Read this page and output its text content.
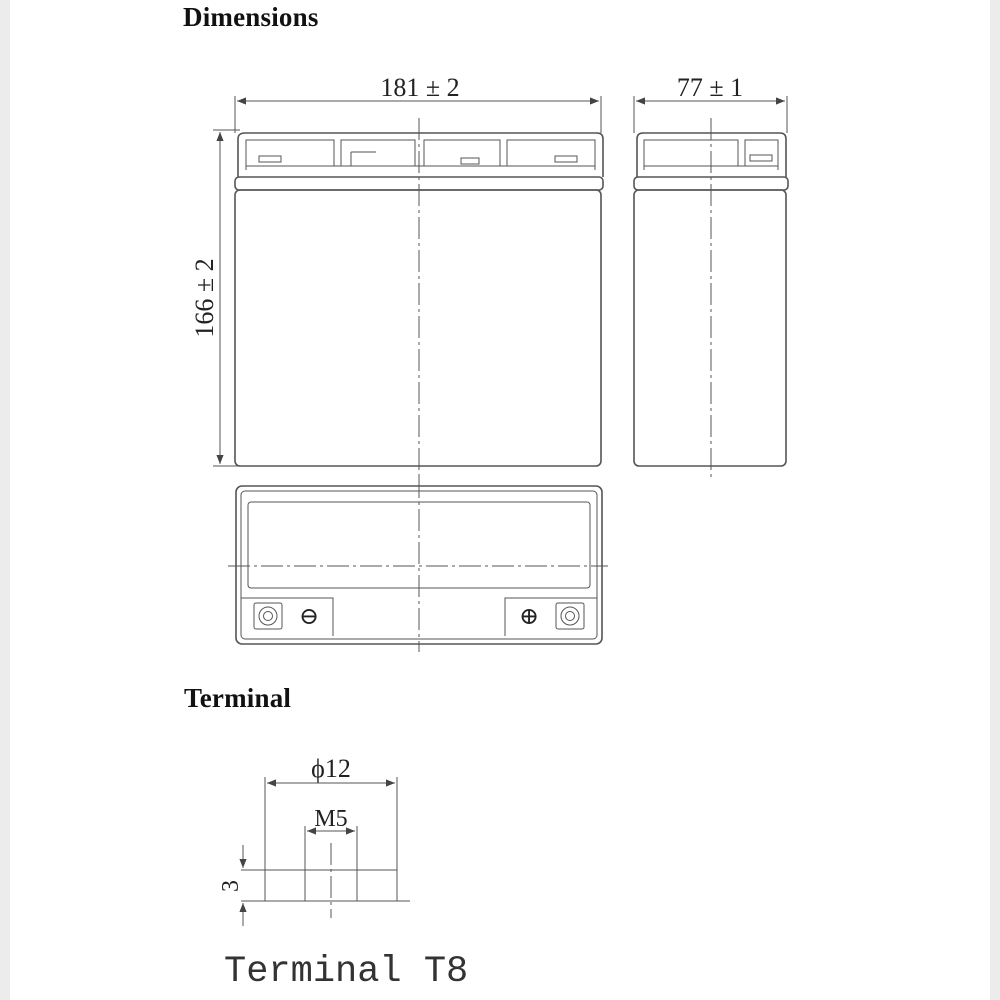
Dimensions
Terminal
181 ± 2
166 ± 2
77 ± 1
⊖	⊕
ϕ12
M5
3
Terminal T8
